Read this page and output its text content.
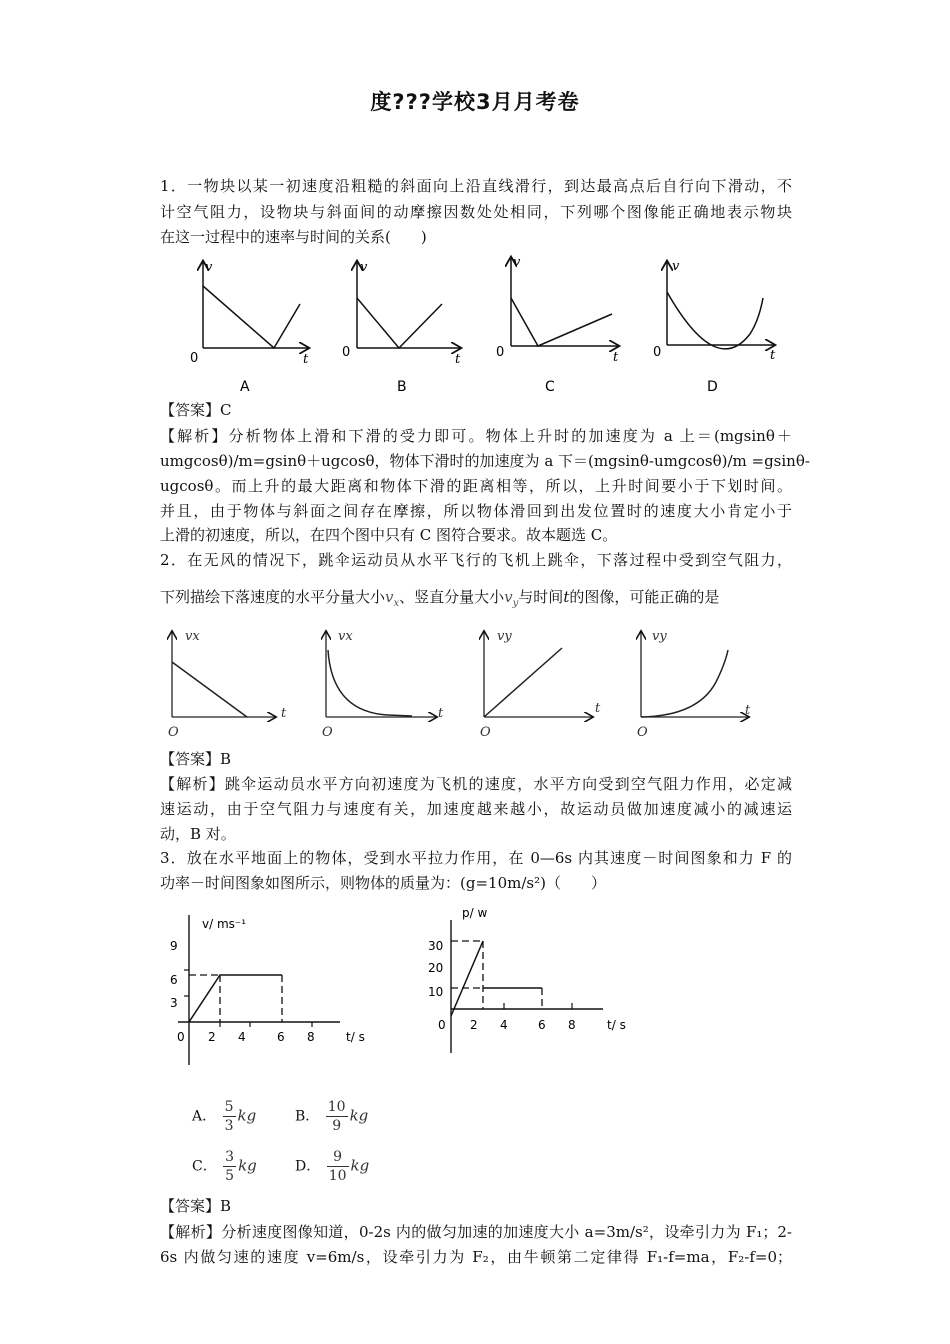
度???学校3月月考卷
1．一物块以某一初速度沿粗糙的斜面向上沿直线滑行，到达最高点后自行向下滑动，不
计空气阻力，设物块与斜面间的动摩擦因数处处相同，下列哪个图像能正确地表示物块
在这一过程中的速率与时间的关系(　　)
v
t
0
v
t
0
v
t
0
v
t
0
A	B	C	D
【答案】C
【解析】分析物体上滑和下滑的受力即可。物体上升时的加速度为 a 上＝(mgsinθ＋
umgcosθ)/m=gsinθ＋ugcosθ，物体下滑时的加速度为 a 下＝(mgsinθ-umgcosθ)/m =gsinθ-
ugcosθ。而上升的最大距离和物体下滑的距离相等，所以，上升时间要小于下划时间。
并且，由于物体与斜面之间存在摩擦，所以物体滑回到出发位置时的速度大小肯定小于
上滑的初速度，所以，在四个图中只有 C 图符合要求。故本题选 C。
2．在无风的情况下，跳伞运动员从水平飞行的飞机上跳伞，下落过程中受到空气阻力，
下列描绘下落速度的水平分量大小$v_x$、竖直分量大小$v_y$与时间t的图像，可能正确的是
vx
t
O
vx
t
O
vy
t
O
vy
t
O
【答案】B
【解析】跳伞运动员水平方向初速度为飞机的速度，水平方向受到空气阻力作用，必定减
速运动，由于空气阻力与速度有关，加速度越来越小，故运动员做加速度减小的减速运
动，B 对。
3．放在水平地面上的物体，受到水平拉力作用，在 0—6s 内其速度－时间图象和力 F 的
功率－时间图象如图所示，则物体的质量为：(g=10m/s²)（　　）
v/ ms⁻¹
9
6
3
0 2 4	6 8	t/ s
p/ w
30
20
10
0 2 4	6 8	t/ s
A． $\frac{5}{3}$ kg	B． $\frac{10}{9}$ kg
C． $\frac{3}{5}$ kg	D． $\frac{9}{10}$ kg
【答案】B
【解析】分析速度图像知道，0-2s 内的做匀加速的加速度大小 a=3m/s²，设牵引力为 F₁；2-
6s 内做匀速的速度 v=6m/s，设牵引力为 F₂，由牛顿第二定律得 F₁-f=ma，F₂-f=0；
